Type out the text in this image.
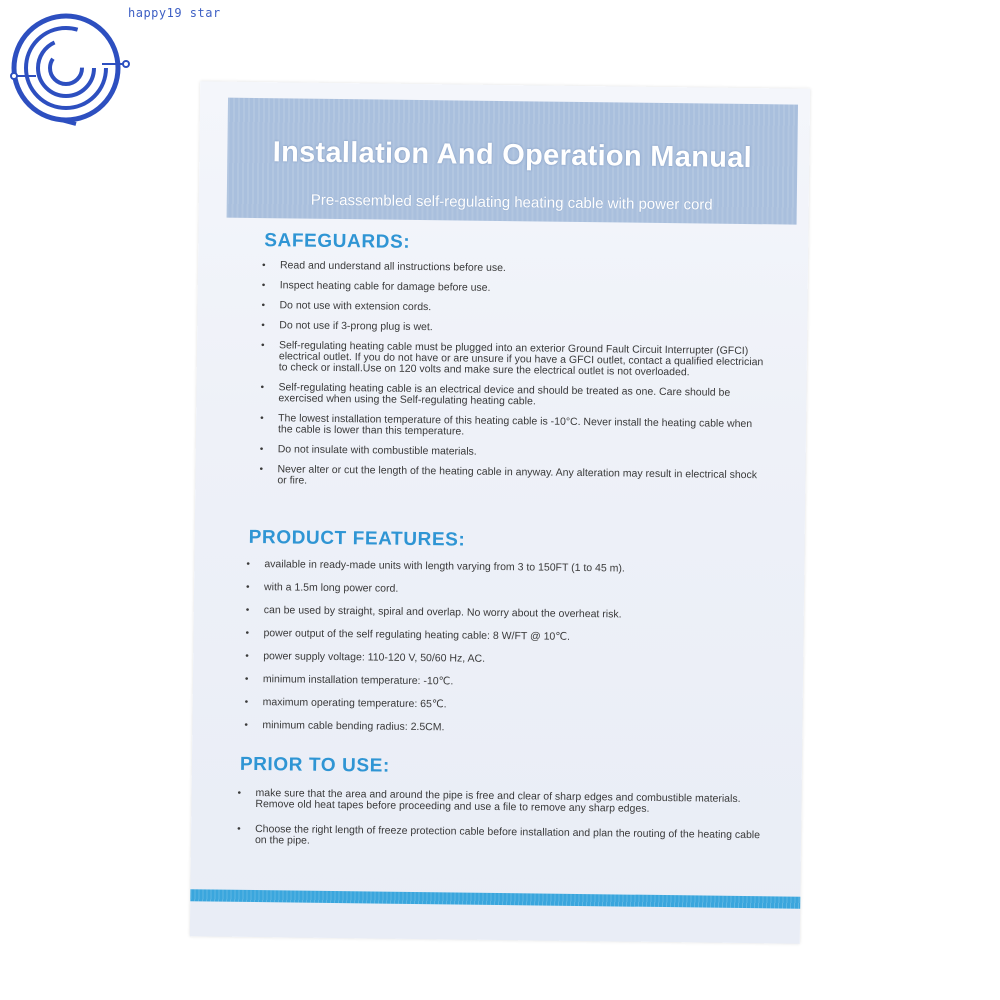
happy19 star
Installation And Operation Manual
Pre-assembled self-regulating heating cable with power cord
SAFEGUARDS:
• Read and understand all instructions before use.
• Inspect heating cable for damage before use.
• Do not use with extension cords.
• Do not use if 3-prong plug is wet.
• Self-regulating heating cable must be plugged into an exterior Ground Fault Circuit Interrupter (GFCI) electrical outlet. If you do not have or are unsure if you have a GFCI outlet, contact a qualified electrician to check or install.Use on 120 volts and make sure the electrical outlet is not overloaded.
• Self-regulating heating cable is an electrical device and should be treated as one. Care should be exercised when using the Self-regulating heating cable.
• The lowest installation temperature of this heating cable is -10°C. Never install the heating cable when the cable is lower than this temperature.
• Do not insulate with combustible materials.
• Never alter or cut the length of the heating cable in anyway. Any alteration may result in electrical shock or fire.
PRODUCT FEATURES:
• available in ready-made units with length varying from 3 to 150FT (1 to 45 m).
• with a 1.5m long power cord.
• can be used by straight, spiral and overlap. No worry about the overheat risk.
• power output of the self regulating heating cable: 8 W/FT @ 10℃.
• power supply voltage: 110-120 V, 50/60 Hz, AC.
• minimum installation temperature: -10℃.
• maximum operating temperature: 65℃.
• minimum cable bending radius: 2.5CM.
PRIOR TO USE:
• make sure that the area and around the pipe is free and clear of sharp edges and combustible materials. Remove old heat tapes before proceeding and use a file to remove any sharp edges.
• Choose the right length of freeze protection cable before installation and plan the routing of the heating cable on the pipe.
